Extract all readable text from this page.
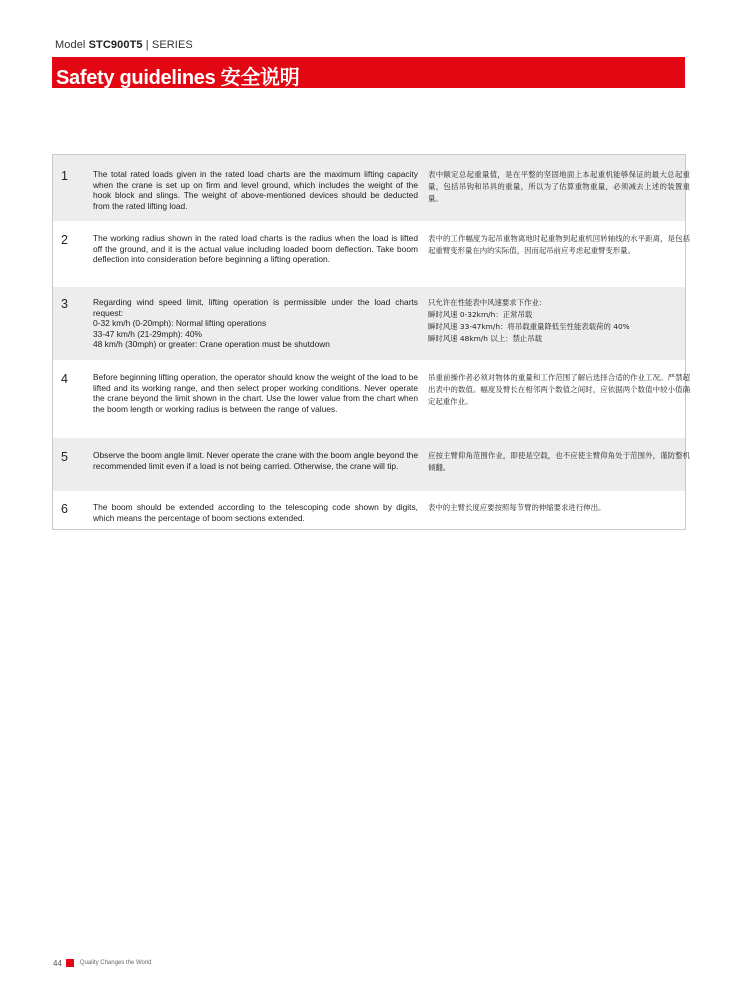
Model STC900T5 | SERIES
Safety guidelines 安全说明
1	The total rated loads given in the rated load charts are the maximum lifting capacity when the crane is set up on firm and level ground, which includes the weight of the hook block and slings. The weight of above-mentioned devices should be deducted from the rated lifting load.
表中额定总起重量值，是在平整的坚固地面上本起重机能够保证的最大总起重量，包括吊钩和吊具的重量，所以为了估算重物重量，必须减去上述的装置重量。
2	The working radius shown in the rated load charts is the radius when the load is lifted off the ground, and it is the actual value including loaded boom deflection. Take boom deflection into consideration before beginning a lifting operation.
表中的工作幅度为起吊重物离地时起重物到起重机回转轴线的水平距离，是包括起重臂变形量在内的实际值，因而起吊前应考虑起重臂变形量。
3	Regarding wind speed limit, lifting operation is permissible under the load charts request:
0-32 km/h (0-20mph): Normal lifting operations
33-47 km/h (21-29mph): 40%
48 km/h (30mph) or greater: Crane operation must be shutdown
只允许在性能表中风速要求下作业：
瞬时风速 0-32km/h：正常吊载
瞬时风速 33-47km/h：将吊载重量降低至性能表载荷的 40%
瞬时风速 48km/h 以上：禁止吊载
4	Before beginning lifting operation, the operator should know the weight of the load to be lifted and its working range, and then select proper working conditions. Never operate the crane beyond the limit shown in the chart. Use the lower value from the chart when the boom length or working radius is between the range of values.
吊重前操作者必须对物体的重量和工作范围了解后选择合适的作业工况。严禁超出表中的数值。幅度及臂长在相邻两个数值之间时，应依据两个数值中较小值确定起重作业。
5	Observe the boom angle limit. Never operate the crane with the boom angle beyond the recommended limit even if a load is not being carried. Otherwise, the crane will tip.
应按主臂仰角范围作业，即使是空载，也不应使主臂仰角处于范围外，谨防整机倾翻。
6	The boom should be extended according to the telescoping code shown by digits, which means the percentage of boom sections extended.
表中的主臂长度应要按照每节臂的伸缩要求进行伸出。
44	Quality Changes the World
